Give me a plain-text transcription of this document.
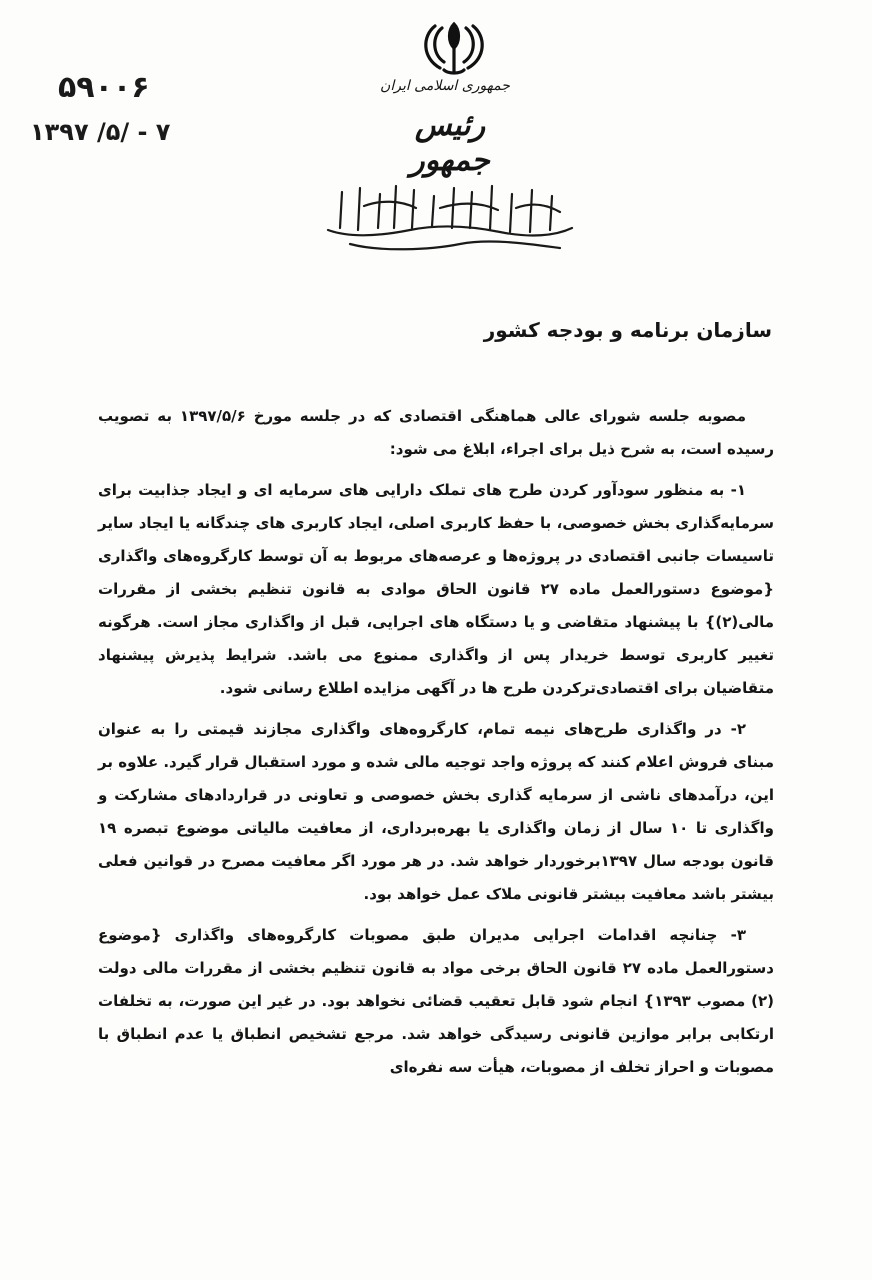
۵۹۰۰۶
۱۳۹۷ /۵/ - ۷
جمهوری اسلامی ایران
رئیس جمهور
سازمان برنامه و بودجه کشور

مصوبه جلسه شورای عالی هماهنگی اقتصادی که در جلسه مورخ ۱۳۹۷/۵/۶ به تصویب رسیده است، به شرح ذیل برای اجراء، ابلاغ می شود:

۱- به منظور سودآور کردن طرح های تملک دارایی های سرمایه ای و ایجاد جذابیت برای سرمایه‌گذاری بخش خصوصی، با حفظ کاربری اصلی، ایجاد کاربری های چندگانه یا ایجاد سایر تاسیسات جانبی اقتصادی در پروژه‌ها و عرصه‌های مربوط به آن توسط کارگروه‌های واگذاری {موضوع دستورالعمل ماده ۲۷ قانون الحاق موادی به قانون تنظیم بخشی از مقررات مالی(۲)} با پیشنهاد متقاضی و یا دستگاه های اجرایی، قبل از واگذاری مجاز است. هرگونه تغییر کاربری توسط خریدار پس از واگذاری ممنوع می باشد. شرایط پذیرش پیشنهاد متقاضیان برای اقتصادی‌ترکردن طرح ها در آگهی مزایده اطلاع رسانی شود.

۲- در واگذاری طرح‌های نیمه تمام، کارگروه‌های واگذاری مجازند قیمتی را به عنوان مبنای فروش اعلام کنند که پروژه واجد توجیه مالی شده و مورد استقبال قرار گیرد. علاوه بر این، درآمدهای ناشی از سرمایه گذاری بخش خصوصی و تعاونی در قراردادهای مشارکت و واگذاری تا ۱۰ سال از زمان واگذاری یا بهره‌برداری، از معافیت مالیاتی موضوع تبصره ۱۹ قانون بودجه سال ۱۳۹۷برخوردار خواهد شد. در هر مورد اگر معافیت مصرح در قوانین فعلی بیشتر باشد معافیت بیشتر قانونی ملاک عمل خواهد بود.

۳- چنانچه اقدامات اجرایی مدیران طبق مصوبات کارگروه‌های واگذاری {موضوع دستورالعمل ماده ۲۷ قانون الحاق برخی مواد به قانون تنظیم بخشی از مقررات مالی دولت (۲) مصوب ۱۳۹۳} انجام شود قابل تعقیب قضائی نخواهد بود. در غیر این صورت، به تخلفات ارتکابی برابر موازین قانونی رسیدگی خواهد شد. مرجع تشخیص انطباق یا عدم انطباق با مصوبات و احراز تخلف از مصوبات، هیأت سه نفره‌ای
